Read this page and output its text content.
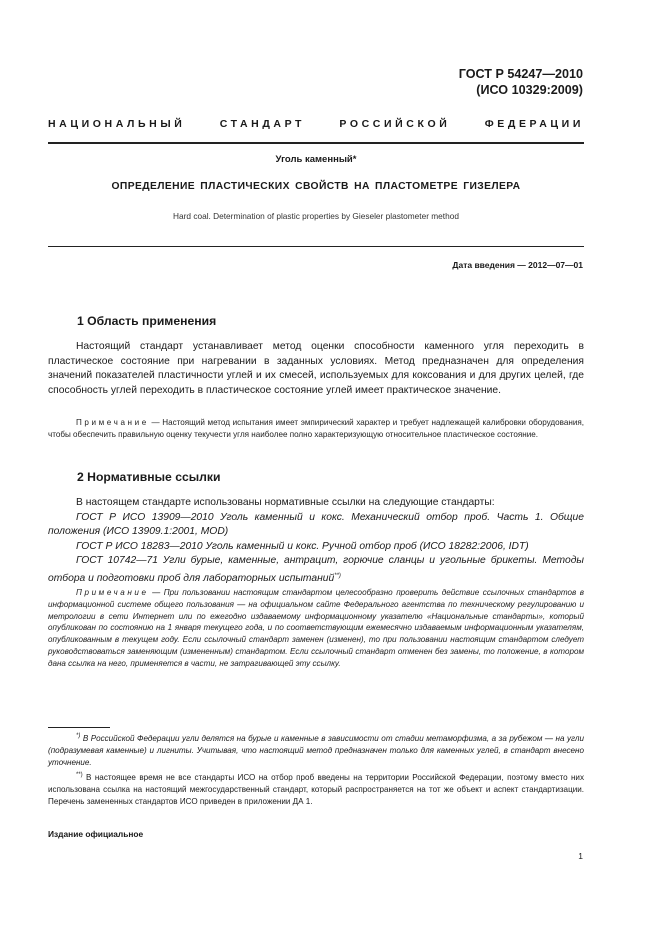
ГОСТ Р 54247—2010
(ИСО 10329:2009)
НАЦИОНАЛЬНЫЙ	СТАНДАРТ	РОССИЙСКОЙ	ФЕДЕРАЦИИ
Уголь каменный*
ОПРЕДЕЛЕНИЕ ПЛАСТИЧЕСКИХ СВОЙСТВ НА ПЛАСТОМЕТРЕ ГИЗЕЛЕРА
Hard coal. Determination of plastic properties by Gieseler plastometer method
Дата введения — 2012—07—01
1 Область применения

Настоящий стандарт устанавливает метод оценки способности каменного угля переходить в пластическое состояние при нагревании в заданных условиях. Метод предназначен для определения значений показателей пластичности углей и их смесей, используемых для коксования и для других целей, где способность углей переходить в пластическое состояние углей имеет практическое значение.

Примечание — Настоящий метод испытания имеет эмпирический характер и требует надлежащей калибровки оборудования, чтобы обеспечить правильную оценку текучести угля наиболее полно характеризующую относительное пластическое состояние.

2 Нормативные ссылки

В настоящем стандарте использованы нормативные ссылки на следующие стандарты:

ГОСТ Р ИСО 13909—2010 Уголь каменный и кокс. Механический отбор проб. Часть 1. Общие положения (ИСО 13909.1:2001, MOD)

ГОСТ Р ИСО 18283—2010 Уголь каменный и кокс. Ручной отбор проб (ИСО 18282:2006, IDT)

ГОСТ 10742—71 Угли бурые, каменные, антрацит, горючие сланцы и угольные брикеты. Методы отбора и подготовки проб для лабораторных испытаний**)

Примечание — При пользовании настоящим стандартом целесообразно проверить действие ссылочных стандартов в информационной системе общего пользования — на официальном сайте Федерального агентства по техническому регулированию и метрологии в сети Интернет или по ежегодно издаваемому информационному указателю «Национальные стандарты», который опубликован по состоянию на 1 января текущего года, и по соответствующим ежемесячно издаваемым информационным указателям, опубликованным в текущем году. Если ссылочный стандарт заменен (изменен), то при пользовании настоящим стандартом следует руководствоваться заменяющим (измененным) стандартом. Если ссылочный стандарт отменен без замены, то положение, в котором дана ссылка на него, применяется в части, не затрагивающей эту ссылку.

*) В Российской Федерации угли делятся на бурые и каменные в зависимости от стадии метаморфизма, а за рубежом — на угли (подразумевая каменные) и лигниты. Учитывая, что настоящий метод предназначен только для каменных углей, в стандарт внесено уточнение.

**) В настоящее время не все стандарты ИСО на отбор проб введены на территории Российской Федерации, поэтому вместо них использована ссылка на настоящий межгосударственный стандарт, который распространяется на тот же объект и аспект стандартизации. Перечень замененных стандартов ИСО приведен в приложении ДА 1.

Издание официальное
1
